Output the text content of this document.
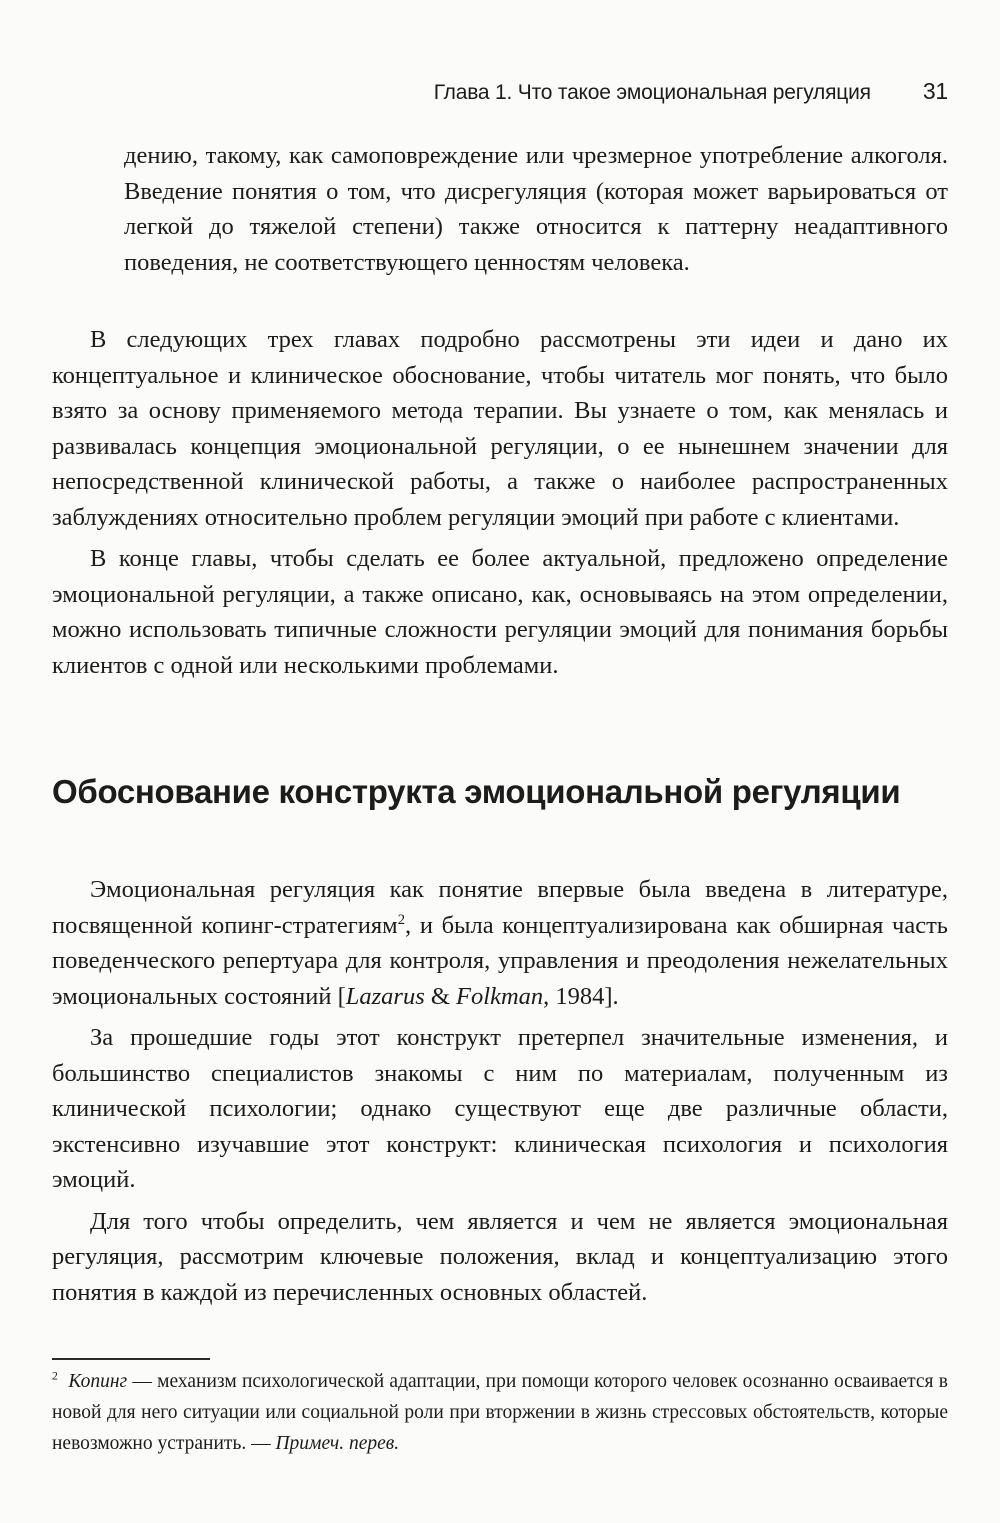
Глава 1. Что такое эмоциональная регуляция 31
дению, такому, как самоповреждение или чрезмерное употребление алкоголя. Введение понятия о том, что дисрегуляция (которая может варьироваться от легкой до тяжелой степени) также относится к паттерну неадаптивного поведения, не соответствующего ценностям человека.

В следующих трех главах подробно рассмотрены эти идеи и дано их концептуальное и клиническое обоснование, чтобы читатель мог понять, что было взято за основу применяемого метода терапии. Вы узнаете о том, как менялась и развивалась концепция эмоциональной регуляции, о ее нынешнем значении для непосредственной клинической работы, а также о наиболее распространенных заблуждениях относительно проблем регуляции эмоций при работе с клиентами.

В конце главы, чтобы сделать ее более актуальной, предложено определение эмоциональной регуляции, а также описано, как, основываясь на этом определении, можно использовать типичные сложности регуляции эмоций для понимания борьбы клиентов с одной или несколькими проблемами.

Обоснование конструкта эмоциональной регуляции

Эмоциональная регуляция как понятие впервые была введена в литературе, посвященной копинг-стратегиям$^2$, и была концептуализирована как обширная часть поведенческого репертуара для контроля, управления и преодоления нежелательных эмоциональных состояний [Lazarus & Folkman, 1984].

За прошедшие годы этот конструкт претерпел значительные изменения, и большинство специалистов знакомы с ним по материалам, полученным из клинической психологии; однако существуют еще две различные области, экстенсивно изучавшие этот конструкт: клиническая психология и психология эмоций.

Для того чтобы определить, чем является и чем не является эмоциональная регуляция, рассмотрим ключевые положения, вклад и концептуализацию этого понятия в каждой из перечисленных основных областей.

$^2$ Копинг — механизм психологической адаптации, при помощи которого человек осознанно осваивается в новой для него ситуации или социальной роли при вторжении в жизнь стрессовых обстоятельств, которые невозможно устранить. — Примеч. перев.
